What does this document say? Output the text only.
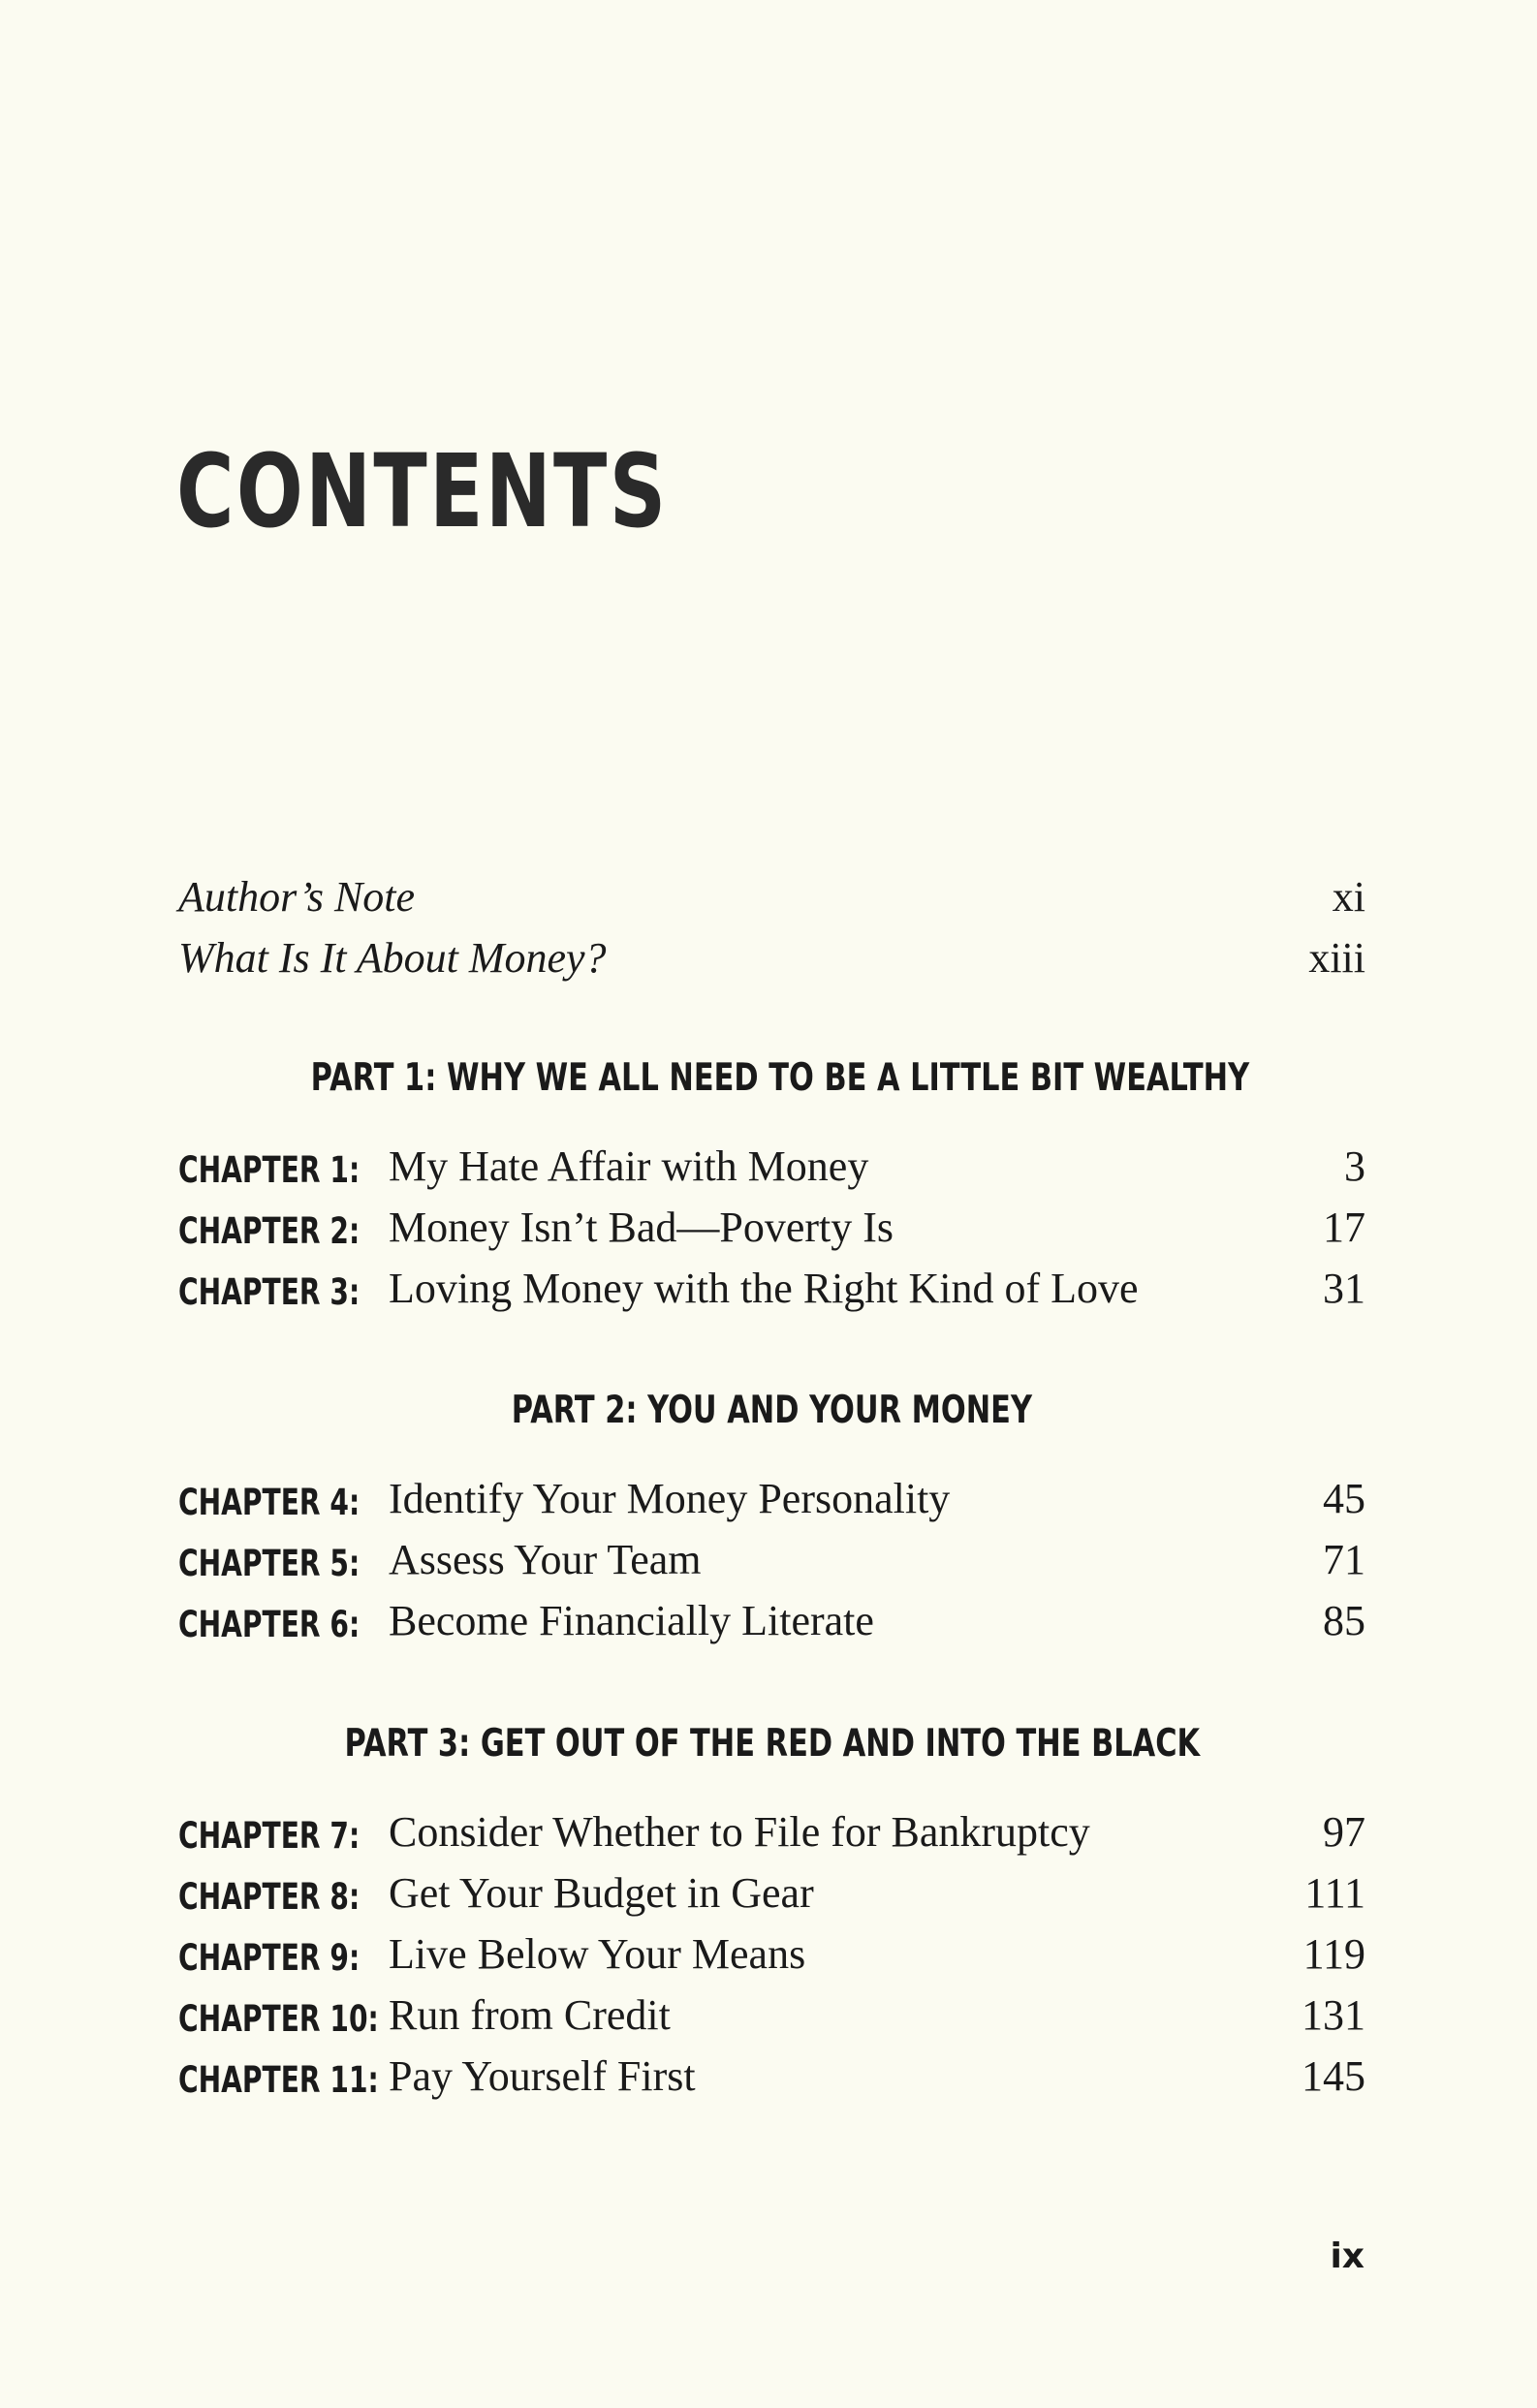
CONTENTS
Author’s Note	xi
What Is It About Money?	xiii
PART 1: WHY WE ALL NEED TO BE A LITTLE BIT WEALTHY
CHAPTER 1: My Hate Affair with Money	3
CHAPTER 2: Money Isn’t Bad—Poverty Is	17
CHAPTER 3: Loving Money with the Right Kind of Love	31
PART 2: YOU AND YOUR MONEY
CHAPTER 4: Identify Your Money Personality	45
CHAPTER 5: Assess Your Team	71
CHAPTER 6: Become Financially Literate	85
PART 3: GET OUT OF THE RED AND INTO THE BLACK
CHAPTER 7: Consider Whether to File for Bankruptcy	97
CHAPTER 8: Get Your Budget in Gear	111
CHAPTER 9: Live Below Your Means	119
CHAPTER 10: Run from Credit	131
CHAPTER 11: Pay Yourself First	145
ix
